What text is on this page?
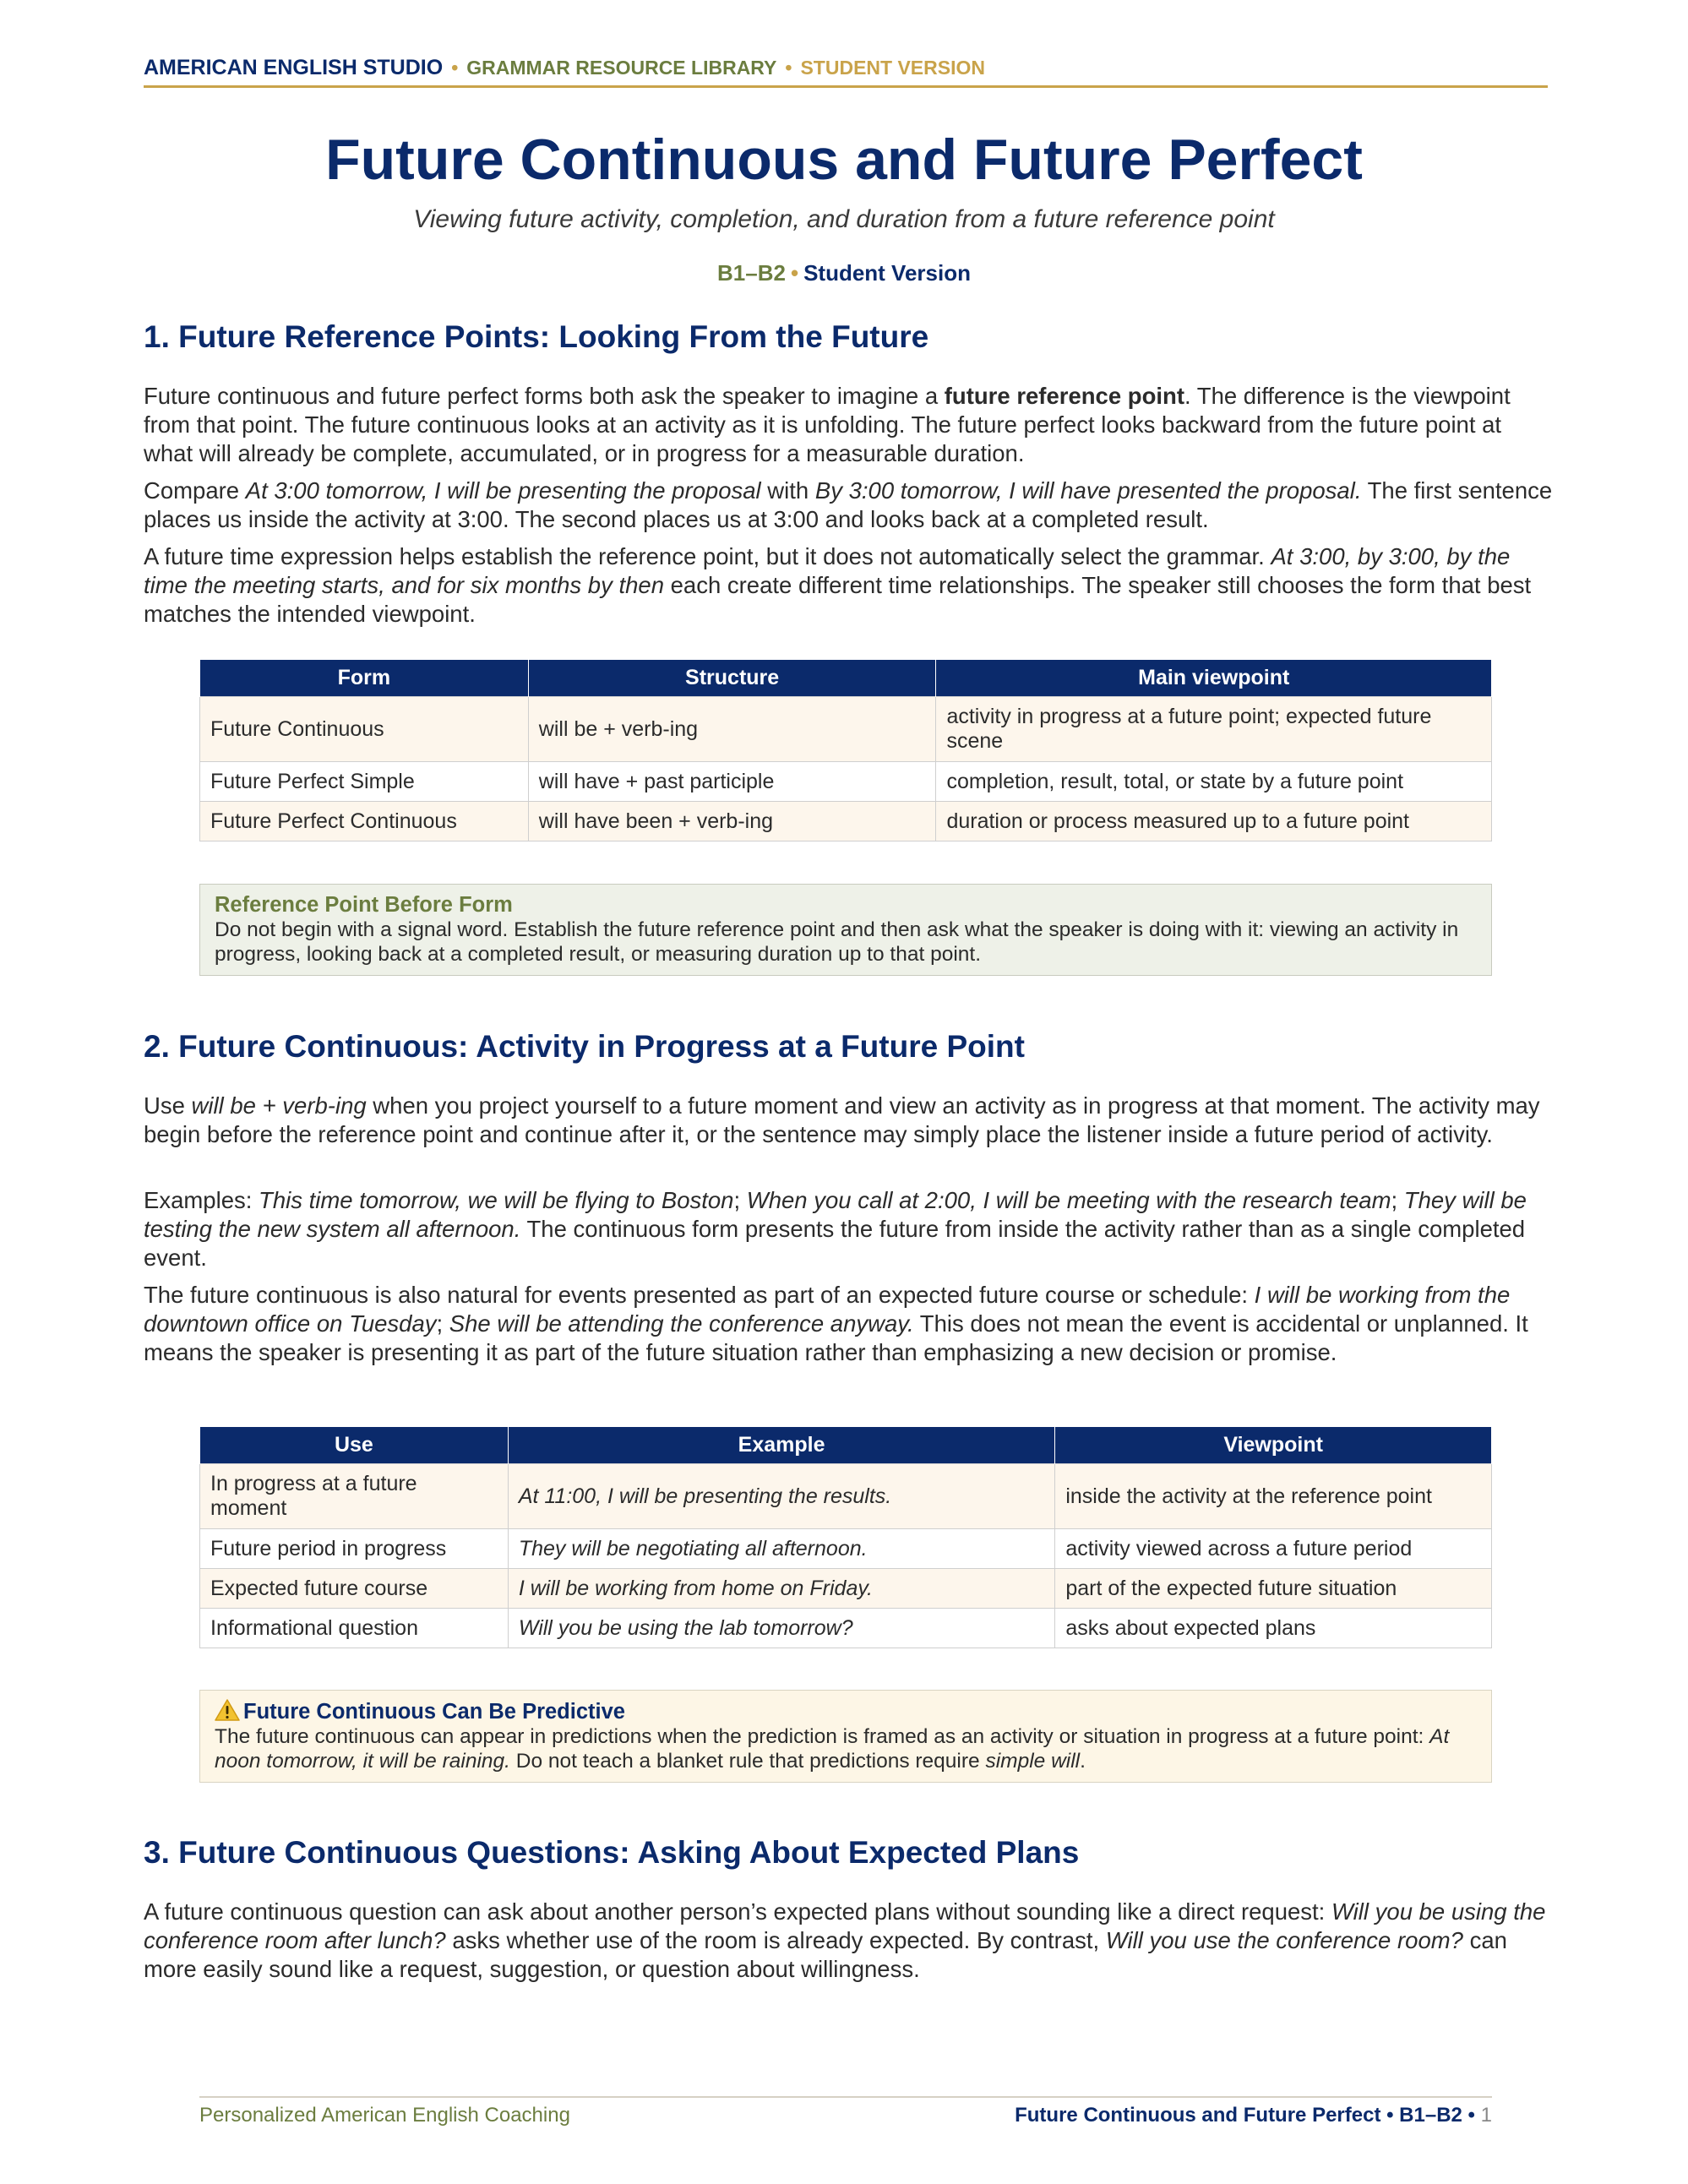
AMERICAN ENGLISH STUDIO • GRAMMAR RESOURCE LIBRARY • STUDENT VERSION
Future Continuous and Future Perfect
Viewing future activity, completion, and duration from a future reference point
B1–B2 • Student Version
1. Future Reference Points: Looking From the Future

Future continuous and future perfect forms both ask the speaker to imagine a future reference point. The difference is the viewpoint from that point. The future continuous looks at an activity as it is unfolding. The future perfect looks backward from the future point at what will already be complete, accumulated, or in progress for a measurable duration.

Compare At 3:00 tomorrow, I will be presenting the proposal with By 3:00 tomorrow, I will have presented the proposal. The first sentence places us inside the activity at 3:00. The second places us at 3:00 and looks back at a completed result.

A future time expression helps establish the reference point, but it does not automatically select the grammar. At 3:00, by 3:00, by the time the meeting starts, and for six months by then each create different time relationships. The speaker still chooses the form that best matches the intended viewpoint.

Form	Structure	Main viewpoint
Future Continuous	will be + verb-ing	activity in progress at a future point; expected future scene
Future Perfect Simple	will have + past participle	completion, result, total, or state by a future point
Future Perfect Continuous	will have been + verb-ing	duration or process measured up to a future point
Reference Point Before Form
Do not begin with a signal word. Establish the future reference point and then ask what the speaker is doing with it: viewing an activity in progress, looking back at a completed result, or measuring duration up to that point.
2. Future Continuous: Activity in Progress at a Future Point

Use will be + verb-ing when you project yourself to a future moment and view an activity as in progress at that moment. The activity may begin before the reference point and continue after it, or the sentence may simply place the listener inside a future period of activity.

Examples: This time tomorrow, we will be flying to Boston; When you call at 2:00, I will be meeting with the research team; They will be testing the new system all afternoon. The continuous form presents the future from inside the activity rather than as a single completed event.

The future continuous is also natural for events presented as part of an expected future course or schedule: I will be working from the downtown office on Tuesday; She will be attending the conference anyway. This does not mean the event is accidental or unplanned. It means the speaker is presenting it as part of the future situation rather than emphasizing a new decision or promise.

Use	Example	Viewpoint
In progress at a future moment	At 11:00, I will be presenting the results.	inside the activity at the reference point
Future period in progress	They will be negotiating all afternoon.	activity viewed across a future period
Expected future course	I will be working from home on Friday.	part of the expected future situation
Informational question	Will you be using the lab tomorrow?	asks about expected plans
Future Continuous Can Be Predictive
The future continuous can appear in predictions when the prediction is framed as an activity or situation in progress at a future point: At noon tomorrow, it will be raining. Do not teach a blanket rule that predictions require simple will.
3. Future Continuous Questions: Asking About Expected Plans

A future continuous question can ask about another person’s expected plans without sounding like a direct request: Will you be using the conference room after lunch? asks whether use of the room is already expected. By contrast, Will you use the conference room? can more easily sound like a request, suggestion, or question about willingness.

Personalized American English Coaching	Future Continuous and Future Perfect • B1–B2 • 1
